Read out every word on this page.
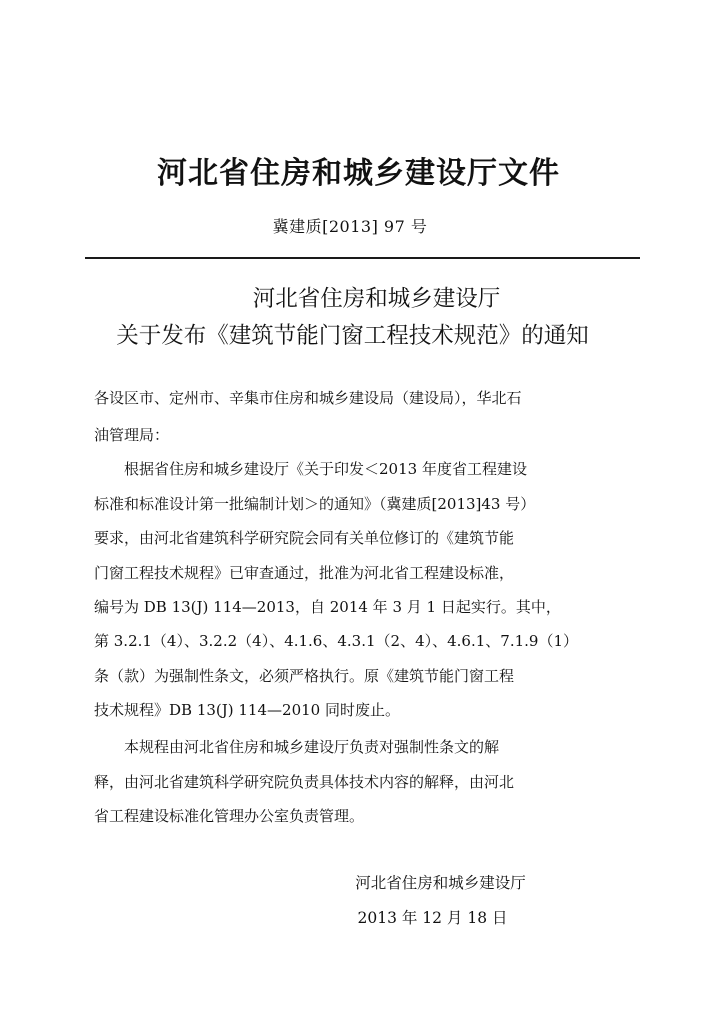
河北省住房和城乡建设厅文件
冀建质[2013] 97 号
河北省住房和城乡建设厅
关于发布《建筑节能门窗工程技术规范》的通知
各设区市、定州市、辛集市住房和城乡建设局（建设局），华北石
油管理局：
　　根据省住房和城乡建设厅《关于印发＜2013 年度省工程建设
标准和标准设计第一批编制计划＞的通知》（冀建质[2013]43 号）
要求，由河北省建筑科学研究院会同有关单位修订的《建筑节能
门窗工程技术规程》已审查通过，批准为河北省工程建设标准，
编号为 DB 13(J) 114—2013，自 2014 年 3 月 1 日起实行。其中，
第 3.2.1（4）、3.2.2（4）、4.1.6、4.3.1（2、4）、4.6.1、7.1.9（1）
条（款）为强制性条文，必须严格执行。原《建筑节能门窗工程
技术规程》DB 13(J) 114—2010 同时废止。
　　本规程由河北省住房和城乡建设厅负责对强制性条文的解
释，由河北省建筑科学研究院负责具体技术内容的解释，由河北
省工程建设标准化管理办公室负责管理。
河北省住房和城乡建设厅
2013 年 12 月 18 日
